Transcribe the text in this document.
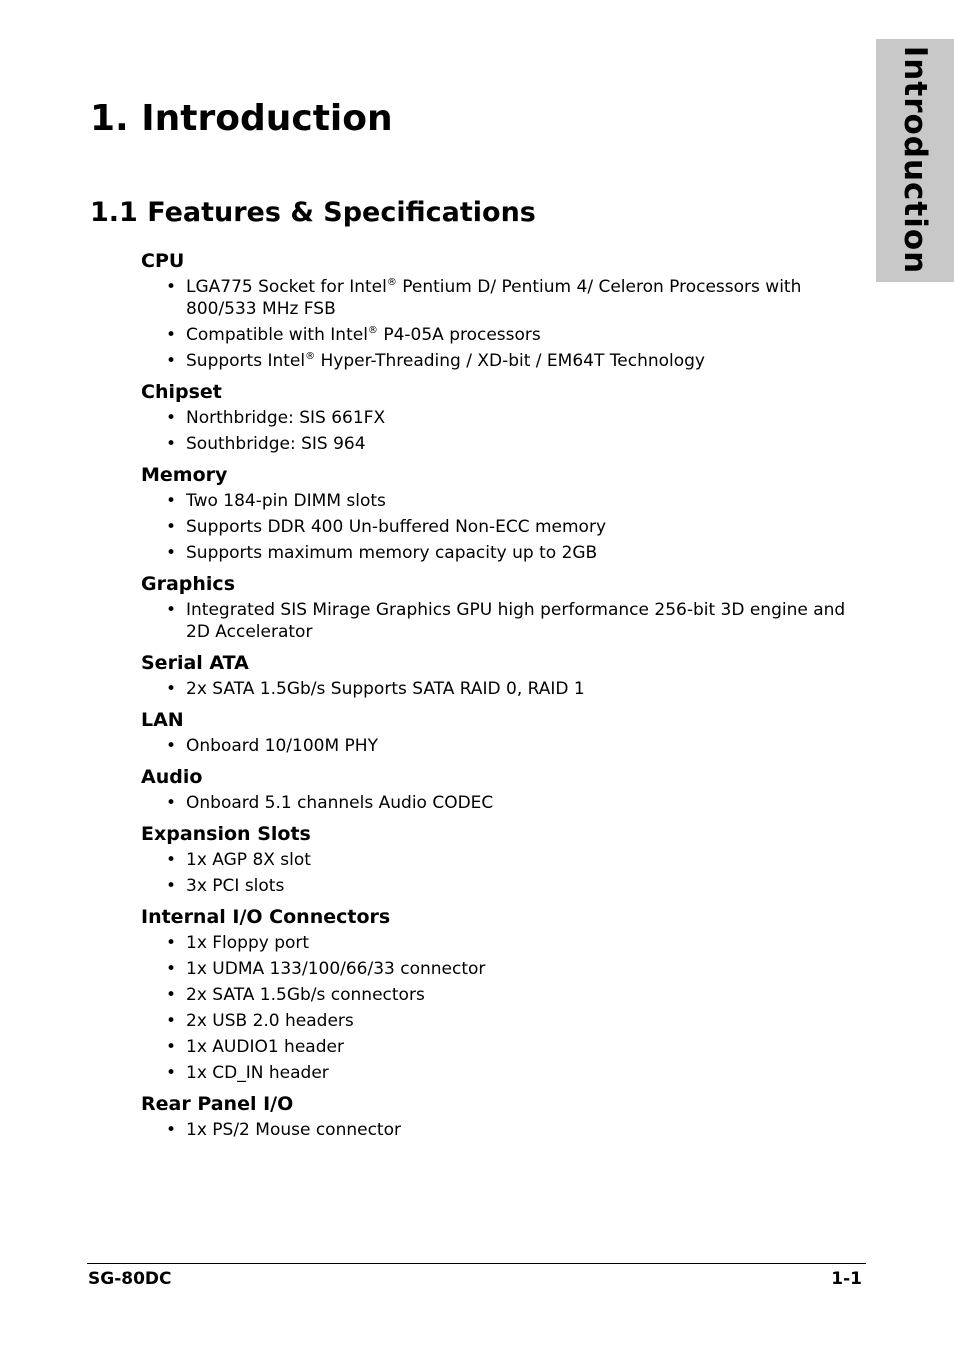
Introduction
1. Introduction
1.1 Features & Specifications
CPU
• LGA775 Socket for Intel® Pentium D/ Pentium 4/ Celeron Processors with 800/533 MHz FSB
• Compatible with Intel® P4-05A processors
• Supports Intel® Hyper-Threading / XD-bit / EM64T Technology
Chipset
• Northbridge: SIS 661FX
• Southbridge: SIS 964
Memory
• Two 184-pin DIMM slots
• Supports DDR 400 Un-buffered Non-ECC memory
• Supports maximum memory capacity up to 2GB
Graphics
• Integrated SIS Mirage Graphics GPU high performance 256-bit 3D engine and 2D Accelerator
Serial ATA
• 2x SATA 1.5Gb/s Supports SATA RAID 0, RAID 1
LAN
• Onboard 10/100M PHY
Audio
• Onboard 5.1 channels Audio CODEC
Expansion Slots
• 1x AGP 8X slot
• 3x PCI slots
Internal I/O Connectors
• 1x Floppy port
• 1x UDMA 133/100/66/33 connector
• 2x SATA 1.5Gb/s connectors
• 2x USB 2.0 headers
• 1x AUDIO1 header
• 1x CD_IN header
Rear Panel I/O
• 1x PS/2 Mouse connector
SG-80DC	1-1
